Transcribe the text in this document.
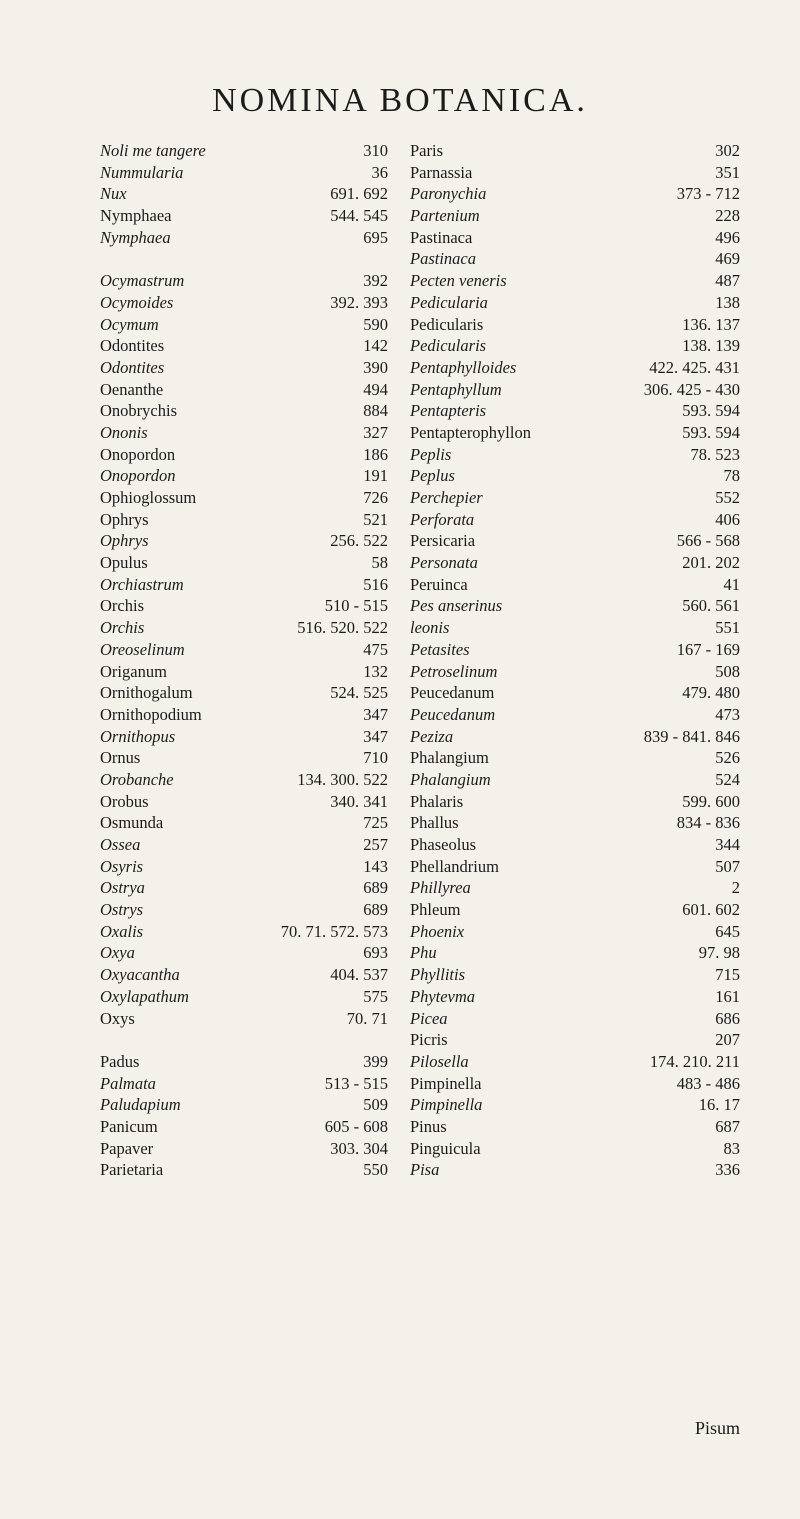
NOMINA BOTANICA.
Noli me tangere	310
Nummularia	36
Nux	691. 692
Nymphaea	544. 545
Nymphaea	695
Ocymastrum	392
Ocymoides	392. 393
Ocymum	590
Odontites	142
Odontites	390
Oenanthe	494
Onobrychis	884
Ononis	327
Onopordon	186
Onopordon	191
Ophioglossum	726
Ophrys	521
Ophrys	256. 522
Opulus	58
Orchiastrum	516
Orchis	510 - 515
Orchis	516. 520. 522
Oreoselinum	475
Origanum	132
Ornithogalum	524. 525
Ornithopodium	347
Ornithopus	347
Ornus	710
Orobanche	134. 300. 522
Orobus	340. 341
Osmunda	725
Ossea	257
Osyris	143
Ostrya	689
Ostrys	689
Oxalis	70. 71. 572. 573
Oxya	693
Oxyacantha	404. 537
Oxylapathum	575
Oxys	70. 71
Padus	399
Palmata	513 - 515
Paludapium	509
Panicum	605 - 608
Papaver	303. 304
Parietaria	550
Paris	302
Parnassia	351
Paronychia	373 - 712
Partenium	228
Pastinaca	496
Pastinaca	469
Pecten veneris	487
Pedicularia	138
Pedicularis	136. 137
Pedicularis	138. 139
Pentaphylloides	422. 425. 431
Pentaphyllum	306. 425 - 430
Pentapteris	593. 594
Pentapterophyllon	593. 594
Peplis	78. 523
Peplus	78
Perchepier	552
Perforata	406
Persicaria	566 - 568
Personata	201. 202
Peruinca	41
Pes anserinus	560. 561
leonis	551
Petasites	167 - 169
Petroselinum	508
Peucedanum	479. 480
Peucedanum	473
Peziza	839 - 841. 846
Phalangium	526
Phalangium	524
Phalaris	599. 600
Phallus	834 - 836
Phaseolus	344
Phellandrium	507
Phillyrea	2
Phleum	601. 602
Phoenix	645
Phu	97. 98
Phyllitis	715
Phytevma	161
Picea	686
Picris	207
Pilosella	174. 210. 211
Pimpinella	483 - 486
Pimpinella	16. 17
Pinus	687
Pinguicula	83
Pisa	336
Pisum
